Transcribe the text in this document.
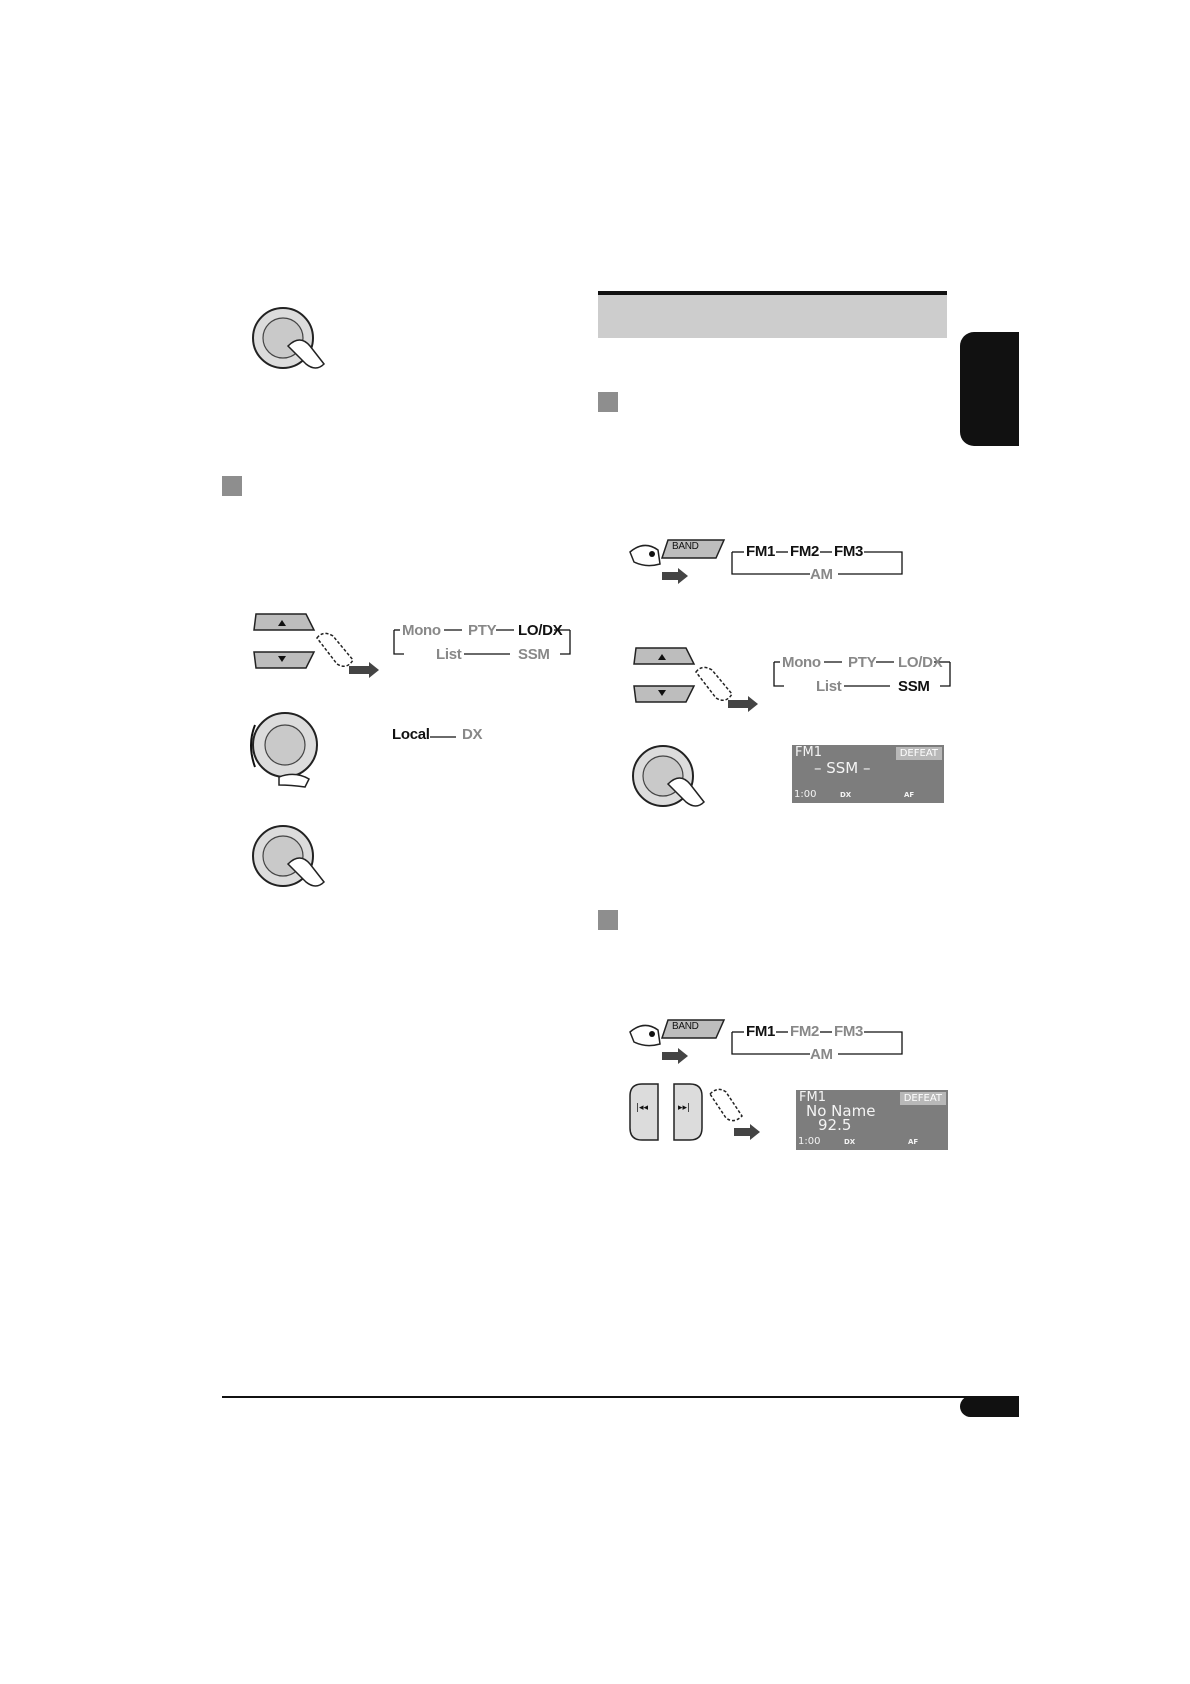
Mono PTY LO/DX
List	SSM
Local DX
BAND	FM1 FM2 FM3
AM
Mono PTY LO/DX
List	SSM
FM1	DEFEAT
– SSM –
1:00	DX	AF
BAND	FM1 FM2 FM3
AM
|◂◂	▸▸|
FM1	DEFEAT
No Name
92.5
1:00	DX	AF
